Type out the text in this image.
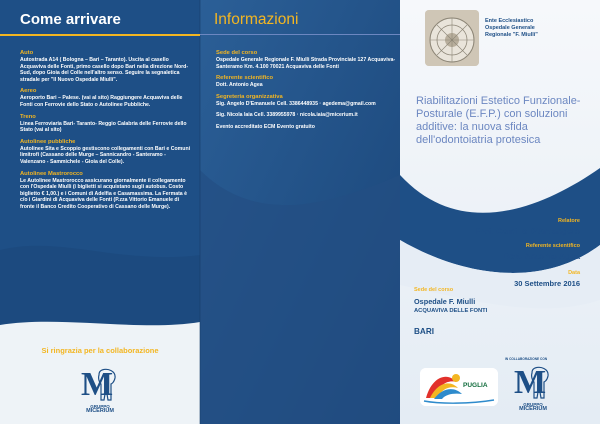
Come arrivare
Auto
Autostrada A14 ( Bologna – Bari – Taranto). Uscita al casello Acquaviva delle Fonti, primo casello dopo Bari nella direzione Nord-Sud, dopo Gioia del Colle nell'altro senso. Seguire la segnaletica stradale per "Il Nuovo Ospedale Miulli".
Aereo
Aeroporto Bari – Palese. (vai al sito) Raggiungere Acquaviva delle Fonti con Ferrovie dello Stato o Autolinee Pubbliche.
Treno
Linea Ferroviaria Bari- Taranto- Reggio Calabria delle Ferrovie dello Stato (vai al sito)
Autolinee pubbliche
Autolinee Sita e Scoppio gestiscono collegamenti con Bari e Comuni limitrofi (Cassano delle Murge – Sannicandro - Santeramo - Valenzano - Sammichele - Gioia del Colle).
Autolinee Mastrorocco
Le Autolinee Mastrorocco assicurano giornalmente il collegamento con l'Ospedale Miulli (i biglietti si acquistano sugli autobus. Costo biglietto € 1,00.) e i Comuni di Adelfia e Casamassima. La Fermata è c/o i Giardini di Acquaviva delle Fonti (P.zza Vittorio Emanuele di fronte il Banco Credito Cooperativo di Cassano delle Murge).
Si ringrazia per la collaborazione
M
GRUPPO
MICERIUM
Informazioni
Sede del corso
Ospedale Generale Regionale F. Miulli Strada Provinciale 127 Acquaviva-Santeramo Km. 4.100 70021 Acquaviva delle Fonti
Referente scientifico
Dott. Antonio Agea
Segreteria organizzativa
Sig. Angelo D'Emanuele Cell. 3386448935 · agedema@gmail.com
Sig. Nicola Iaia Cell. 3389955978 · nicola.iaia@micerium.it
Evento accreditato ECM Evento gratuito
Ente Ecclesiastico
Ospedale Generale
Regionale "F. Miulli"
Riabilitazioni Estetico Funzionale-Posturale (E.F.P.) con soluzioni additive: la nuova sfida dell'odontoiatria protesica
Relatore
Prof. Camillo D'Arcangelo
Referente scientifico
Dott. Antonio Agea
Data
30 Settembre 2016
Sede del corso
Ospedale F. Miulli
ACQUAVIVA DELLE FONTI
BARI
PUGLIA
IN COLLABORAZIONE CON
M
GRUPPO
MICERIUM
